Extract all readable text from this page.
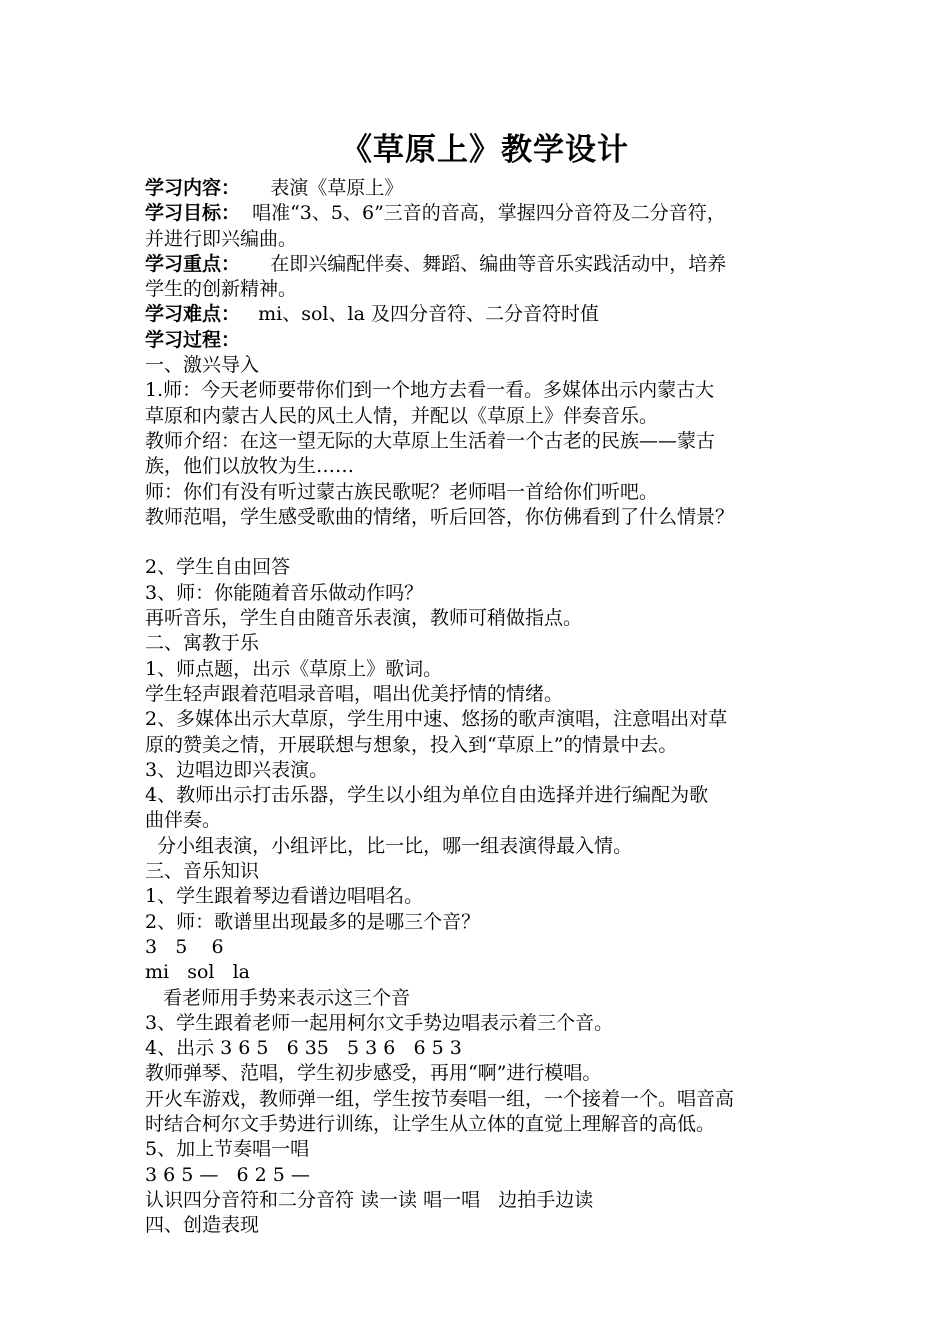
《草原上》教学设计

学习内容：     表演《草原上》

学习目标：  唱准“3、5、6”三音的音高，掌握四分音符及二分音符，

并进行即兴编曲。

学习重点：     在即兴编配伴奏、舞蹈、编曲等音乐实践活动中，培养

学生的创新精神。

学习难点：   mi、sol、la 及四分音符、二分音符时值

学习过程：

一、激兴导入

1.师：今天老师要带你们到一个地方去看一看。多媒体出示内蒙古大

草原和内蒙古人民的风土人情，并配以《草原上》伴奏音乐。

教师介绍：在这一望无际的大草原上生活着一个古老的民族——蒙古

族，他们以放牧为生……

师：你们有没有听过蒙古族民歌呢？老师唱一首给你们听吧。

教师范唱，学生感受歌曲的情绪，听后回答，你仿佛看到了什么情景？

2、学生自由回答

3、师：你能随着音乐做动作吗？

再听音乐，学生自由随音乐表演，教师可稍做指点。

二、寓教于乐

1、师点题，出示《草原上》歌词。

学生轻声跟着范唱录音唱，唱出优美抒情的情绪。

2、多媒体出示大草原，学生用中速、悠扬的歌声演唱，注意唱出对草

原的赞美之情，开展联想与想象，投入到“草原上”的情景中去。

3、边唱边即兴表演。

4、教师出示打击乐器，学生以小组为单位自由选择并进行编配为歌

曲伴奏。

分小组表演，小组评比，比一比，哪一组表演得最入情。

三、音乐知识

1、学生跟着琴边看谱边唱唱名。

2、师：歌谱里出现最多的是哪三个音？

3   5    6

mi   sol   la

看老师用手势来表示这三个音

3、学生跟着老师一起用柯尔文手势边唱表示着三个音。

4、出示 3 6 5   6 35   5 3 6   6 5 3

教师弹琴、范唱，学生初步感受，再用“啊”进行模唱。

开火车游戏，教师弹一组，学生按节奏唱一组，一个接着一个。唱音高

时结合柯尔文手势进行训练，让学生从立体的直觉上理解音的高低。

5、加上节奏唱一唱

3 6 5 —   6 2 5 —

认识四分音符和二分音符 读一读 唱一唱   边拍手边读

四、创造表现
